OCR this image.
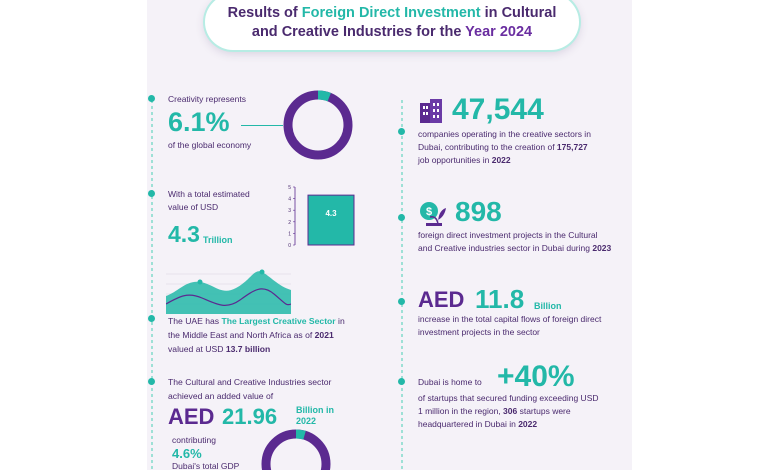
Results of Foreign Direct Investment in Cultural
and Creative Industries for the Year 2024
Creativity represents
6.1%
of the global economy
With a total estimated
value of USD
4.3 Trillion
5
4
3
2
1
0
4.3
The UAE has The Largest Creative Sector in
the Middle East and North Africa as of 2021
valued at USD 13.7 billion
The Cultural and Creative Industries sector
achieved an added value of
AED 21.96 Billion in
2022
contributing
4.6%
Dubai's total GDP
47,544
companies operating in the creative sectors in
Dubai, contributing to the creation of 175,727
job opportunities in 2022
$ 898
foreign direct investment projects in the Cultural
and Creative industries sector in Dubai during 2023
AED 11.8 Billion
increase in the total capital flows of foreign direct
investment projects in the sector
Dubai is home to +40%
of startups that secured funding exceeding USD
1 million in the region, 306 startups were
headquartered in Dubai in 2022
